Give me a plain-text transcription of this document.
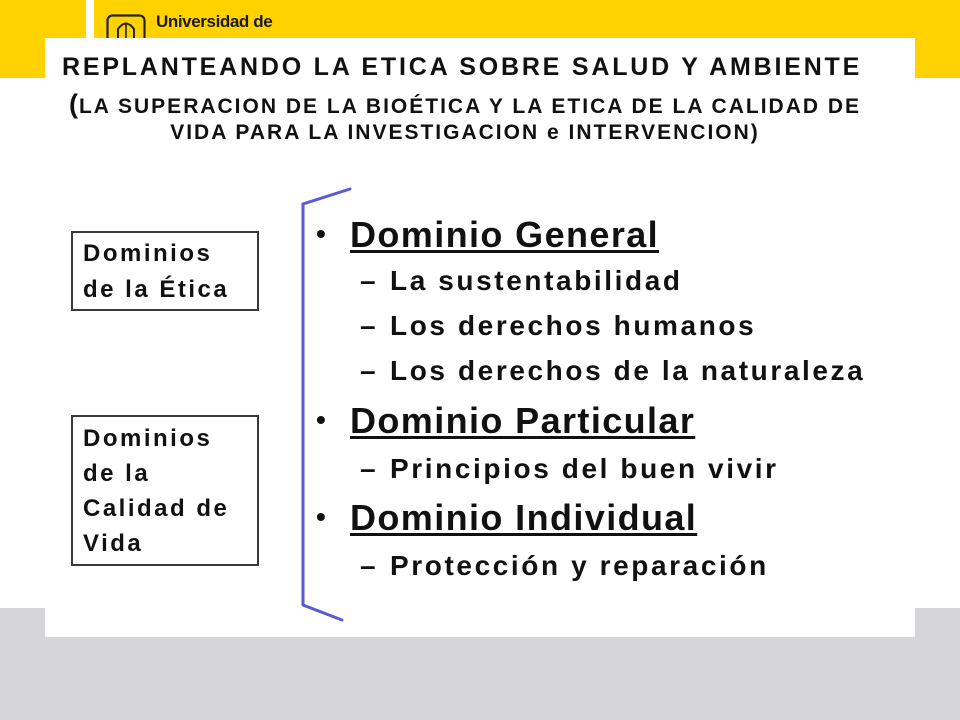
Universidad de
REPLANTEANDO LA ETICA SOBRE SALUD Y AMBIENTE
(LA SUPERACION DE LA BIOÉTICA Y LA ETICA DE LA CALIDAD DE
VIDA PARA LA INVESTIGACION e INTERVENCION)
Dominios
de la Ética
Dominios
de la
Calidad de
Vida
• Dominio General
– La sustentabilidad
– Los derechos humanos
– Los derechos de la naturaleza
• Dominio Particular
– Principios del buen vivir
• Dominio Individual
– Protección y reparación
